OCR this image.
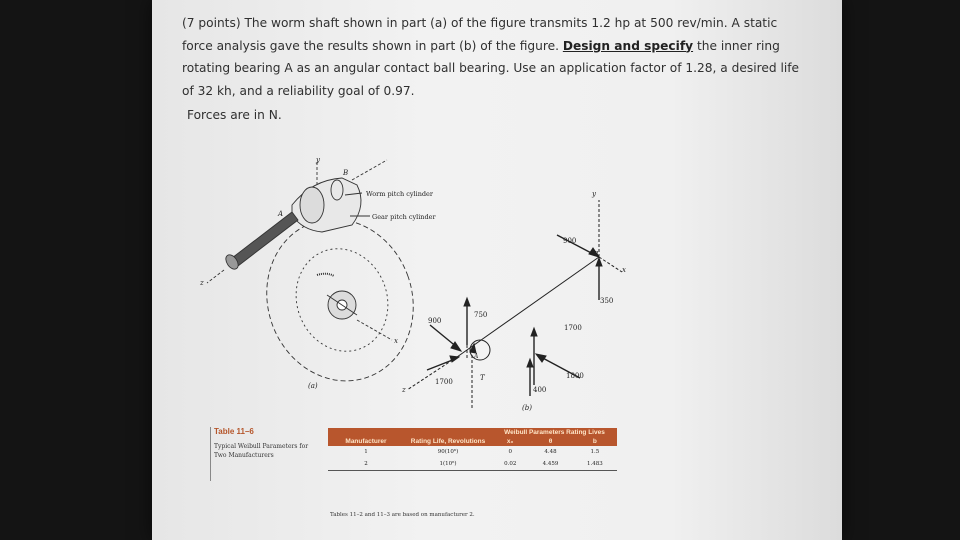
(7 points) The worm shaft shown in part (a) of the figure transmits 1.2 hp at 500 rev/min. A static force analysis gave the results shown in part (b) of the figure. Design and specify the inner ring rotating bearing A as an angular contact ball bearing. Use an application factor of 1.28, a desired life of 32 kh, and a reliability goal of 0.97.
Forces are in N.
y
B
A
z
x
Worm pitch cylinder
Gear pitch cylinder
(a)
y
900
B
x
350
750
900
1700
1800
A
T
1700
400
z
(b)
Table 11–6
Typical Weibull Parameters for Two Manufacturers
		Weibull Parameters Rating Lives		
Manufacturer	Rating Life, Revolutions	x₀	θ	b
1	90(10⁶)	0	4.48	1.5
2	1(10⁶)	0.02	4.459	1.483
Tables 11–2 and 11–3 are based on manufacturer 2.
